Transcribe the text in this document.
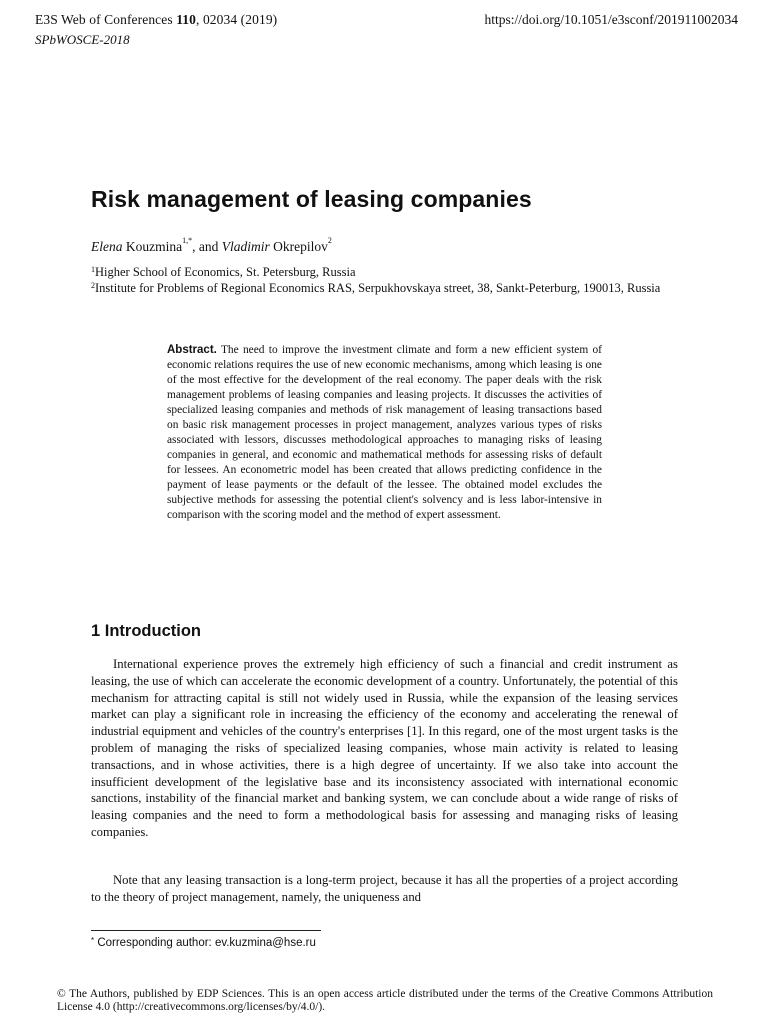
E3S Web of Conferences 110, 02034 (2019)
SPbWOSCE-2018
https://doi.org/10.1051/e3sconf/201911002034
Risk management of leasing companies
Elena Kouzmina$^{1,*}$, and Vladimir Okrepilov$^2$
$^1$Higher School of Economics, St. Petersburg, Russia
$^2$Institute for Problems of Regional Economics RAS, Serpukhovskaya street, 38, Sankt-Peterburg, 190013, Russia
Abstract. The need to improve the investment climate and form a new efficient system of economic relations requires the use of new economic mechanisms, among which leasing is one of the most effective for the development of the real economy. The paper deals with the risk management problems of leasing companies and leasing projects. It discusses the activities of specialized leasing companies and methods of risk management of leasing transactions based on basic risk management processes in project management, analyzes various types of risks associated with lessors, discusses methodological approaches to managing risks of leasing companies in general, and economic and mathematical methods for assessing risks of default for lessees. An econometric model has been created that allows predicting confidence in the payment of lease payments or the default of the lessee. The obtained model excludes the subjective methods for assessing the potential client's solvency and is less labor-intensive in comparison with the scoring model and the method of expert assessment.
1 Introduction

International experience proves the extremely high efficiency of such a financial and credit instrument as leasing, the use of which can accelerate the economic development of a country. Unfortunately, the potential of this mechanism for attracting capital is still not widely used in Russia, while the expansion of the leasing services market can play a significant role in increasing the efficiency of the economy and accelerating the renewal of industrial equipment and vehicles of the country's enterprises [1]. In this regard, one of the most urgent tasks is the problem of managing the risks of specialized leasing companies, whose main activity is related to leasing transactions, and in whose activities, there is a high degree of uncertainty. If we also take into account the insufficient development of the legislative base and its inconsistency associated with international economic sanctions, instability of the financial market and banking system, we can conclude about a wide range of risks of leasing companies and the need to form a methodological basis for assessing and managing risks of leasing companies.

Note that any leasing transaction is a long-term project, because it has all the properties of a project according to the theory of project management, namely, the uniqueness and

* Corresponding author: ev.kuzmina@hse.ru
© The Authors, published by EDP Sciences. This is an open access article distributed under the terms of the Creative Commons Attribution License 4.0 (http://creativecommons.org/licenses/by/4.0/).
